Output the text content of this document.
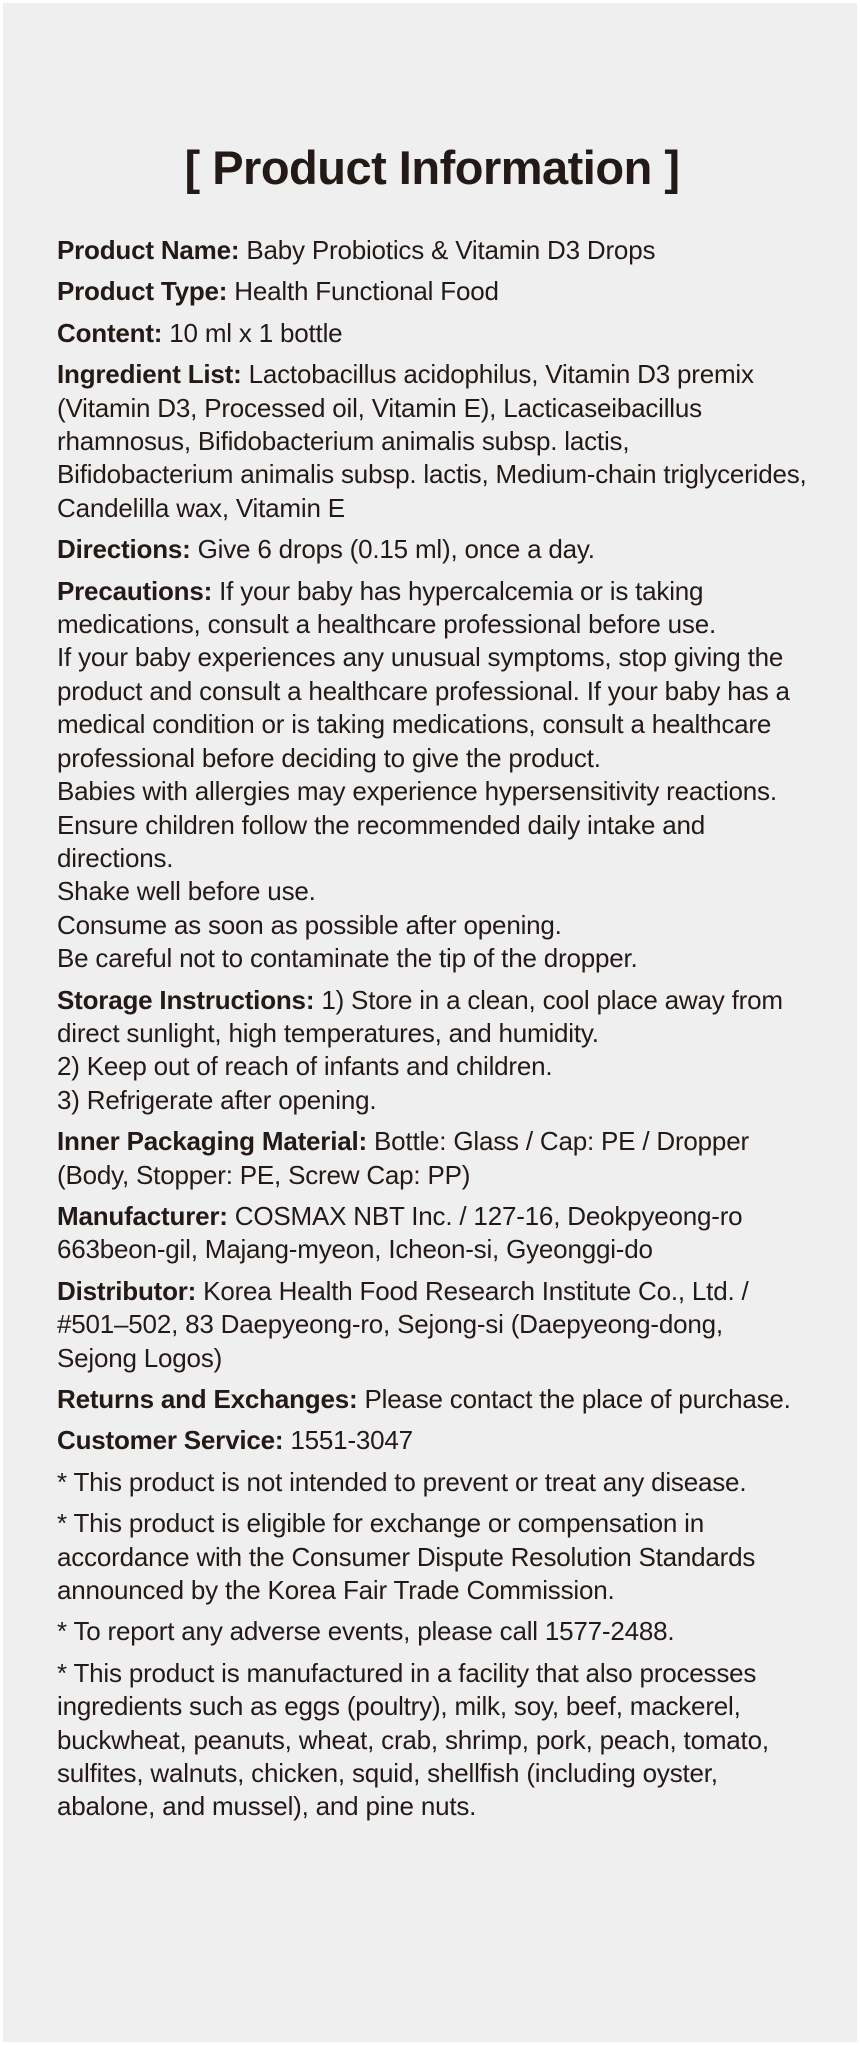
[ Product Information ]

Product Name: Baby Probiotics & Vitamin D3 Drops

Product Type: Health Functional Food

Content: 10 ml x 1 bottle

Ingredient List: Lactobacillus acidophilus, Vitamin D3 premix (Vitamin D3, Processed oil, Vitamin E), Lacticaseibacillus rhamnosus, Bifidobacterium animalis subsp. lactis, Bifidobacterium animalis subsp. lactis, Medium-chain triglycerides, Candelilla wax, Vitamin E

Directions: Give 6 drops (0.15 ml), once a day.

Precautions: If your baby has hypercalcemia or is taking medications, consult a healthcare professional before use.
If your baby experiences any unusual symptoms, stop giving the product and consult a healthcare professional. If your baby has a medical condition or is taking medications, consult a healthcare professional before deciding to give the product.
Babies with allergies may experience hypersensitivity reactions. Ensure children follow the recommended daily intake and directions.
Shake well before use.
Consume as soon as possible after opening.
Be careful not to contaminate the tip of the dropper.

Storage Instructions: 1) Store in a clean, cool place away from direct sunlight, high temperatures, and humidity.
2) Keep out of reach of infants and children.
3) Refrigerate after opening.

Inner Packaging Material: Bottle: Glass / Cap: PE / Dropper (Body, Stopper: PE, Screw Cap: PP)

Manufacturer: COSMAX NBT Inc. / 127-16, Deokpyeong-ro 663beon-gil, Majang-myeon, Icheon-si, Gyeonggi-do

Distributor: Korea Health Food Research Institute Co., Ltd. / #501–502, 83 Daepyeong-ro, Sejong-si (Daepyeong-dong, Sejong Logos)

Returns and Exchanges: Please contact the place of purchase.

Customer Service: 1551-3047

* This product is not intended to prevent or treat any disease.

* This product is eligible for exchange or compensation in accordance with the Consumer Dispute Resolution Standards announced by the Korea Fair Trade Commission.

* To report any adverse events, please call 1577-2488.

* This product is manufactured in a facility that also processes ingredients such as eggs (poultry), milk, soy, beef, mackerel, buckwheat, peanuts, wheat, crab, shrimp, pork, peach, tomato, sulfites, walnuts, chicken, squid, shellfish (including oyster, abalone, and mussel), and pine nuts.
